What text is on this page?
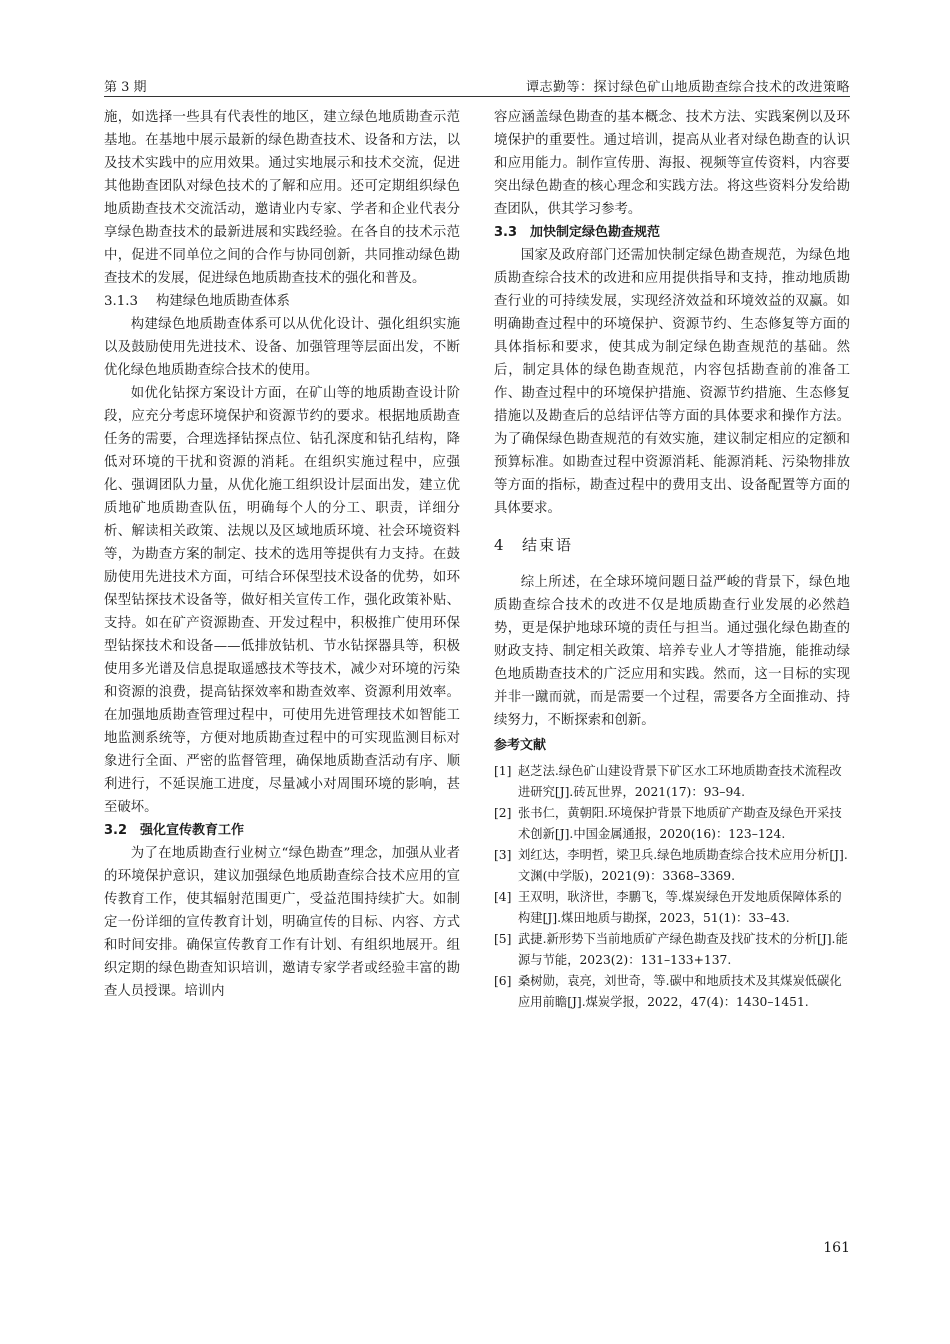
第 3 期	谭志勤等：探讨绿色矿山地质勘查综合技术的改进策略

施，如选择一些具有代表性的地区，建立绿色地质勘查示范基地。在基地中展示最新的绿色勘查技术、设备和方法，以及技术实践中的应用效果。通过实地展示和技术交流，促进其他勘查团队对绿色技术的了解和应用。还可定期组织绿色地质勘查技术交流活动，邀请业内专家、学者和企业代表分享绿色勘查技术的最新进展和实践经验。在各自的技术示范中，促进不同单位之间的合作与协同创新，共同推动绿色勘查技术的发展，促进绿色地质勘查技术的强化和普及。

3.1.3 构建绿色地质勘查体系

构建绿色地质勘查体系可以从优化设计、强化组织实施以及鼓励使用先进技术、设备、加强管理等层面出发，不断优化绿色地质勘查综合技术的使用。

如优化钻探方案设计方面，在矿山等的地质勘查设计阶段，应充分考虑环境保护和资源节约的要求。根据地质勘查任务的需要，合理选择钻探点位、钻孔深度和钻孔结构，降低对环境的干扰和资源的消耗。在组织实施过程中，应强化、强调团队力量，从优化施工组织设计层面出发，建立优质地矿地质勘查队伍，明确每个人的分工、职责，详细分析、解读相关政策、法规以及区域地质环境、社会环境资料等，为勘查方案的制定、技术的选用等提供有力支持。在鼓励使用先进技术方面，可结合环保型技术设备的优势，如环保型钻探技术设备等，做好相关宣传工作，强化政策补贴、支持。如在矿产资源勘查、开发过程中，积极推广使用环保型钻探技术和设备——低排放钻机、节水钻探器具等，积极使用多光谱及信息提取遥感技术等技术，减少对环境的污染和资源的浪费，提高钻探效率和勘查效率、资源利用效率。在加强地质勘查管理过程中，可使用先进管理技术如智能工地监测系统等，方便对地质勘查过程中的可实现监测目标对象进行全面、严密的监督管理，确保地质勘查活动有序、顺利进行，不延误施工进度，尽量减小对周围环境的影响，甚至破坏。

3.2 强化宣传教育工作

为了在地质勘查行业树立“绿色勘查”理念，加强从业者的环境保护意识，建议加强绿色地质勘查综合技术应用的宣传教育工作，使其辐射范围更广，受益范围持续扩大。如制定一份详细的宣传教育计划，明确宣传的目标、内容、方式和时间安排。确保宣传教育工作有计划、有组织地展开。组织定期的绿色勘查知识培训，邀请专家学者或经验丰富的勘查人员授课。培训内

容应涵盖绿色勘查的基本概念、技术方法、实践案例以及环境保护的重要性。通过培训，提高从业者对绿色勘查的认识和应用能力。制作宣传册、海报、视频等宣传资料，内容要突出绿色勘查的核心理念和实践方法。将这些资料分发给勘查团队，供其学习参考。

3.3 加快制定绿色勘查规范

国家及政府部门还需加快制定绿色勘查规范，为绿色地质勘查综合技术的改进和应用提供指导和支持，推动地质勘查行业的可持续发展，实现经济效益和环境效益的双赢。如明确勘查过程中的环境保护、资源节约、生态修复等方面的具体指标和要求，使其成为制定绿色勘查规范的基础。然后，制定具体的绿色勘查规范，内容包括勘查前的准备工作、勘查过程中的环境保护措施、资源节约措施、生态修复措施以及勘查后的总结评估等方面的具体要求和操作方法。为了确保绿色勘查规范的有效实施，建议制定相应的定额和预算标准。如勘查过程中资源消耗、能源消耗、污染物排放等方面的指标，勘查过程中的费用支出、设备配置等方面的具体要求。

4 结束语

综上所述，在全球环境问题日益严峻的背景下，绿色地质勘查综合技术的改进不仅是地质勘查行业发展的必然趋势，更是保护地球环境的责任与担当。通过强化绿色勘查的财政支持、制定相关政策、培养专业人才等措施，能推动绿色地质勘查技术的广泛应用和实践。然而，这一目标的实现并非一蹴而就，而是需要一个过程，需要各方全面推动、持续努力，不断探索和创新。

参考文献

[1] 赵芝法.绿色矿山建设背景下矿区水工环地质勘查技术流程改进研究[J].砖瓦世界，2021(17)：93–94.
[2] 张书仁，黄朝阳.环境保护背景下地质矿产勘查及绿色开采技术创新[J].中国金属通报，2020(16)：123–124.
[3] 刘红达，李明哲，梁卫兵.绿色地质勘查综合技术应用分析[J].文渊(中学版)，2021(9)：3368–3369.
[4] 王双明，耿济世，李鹏飞，等.煤炭绿色开发地质保障体系的构建[J].煤田地质与勘探，2023，51(1)：33–43.
[5] 武捷.新形势下当前地质矿产绿色勘查及找矿技术的分析[J].能源与节能，2023(2)：131–133+137.
[6] 桑树勋，袁亮，刘世奇，等.碳中和地质技术及其煤炭低碳化应用前瞻[J].煤炭学报，2022，47(4)：1430–1451.
161
